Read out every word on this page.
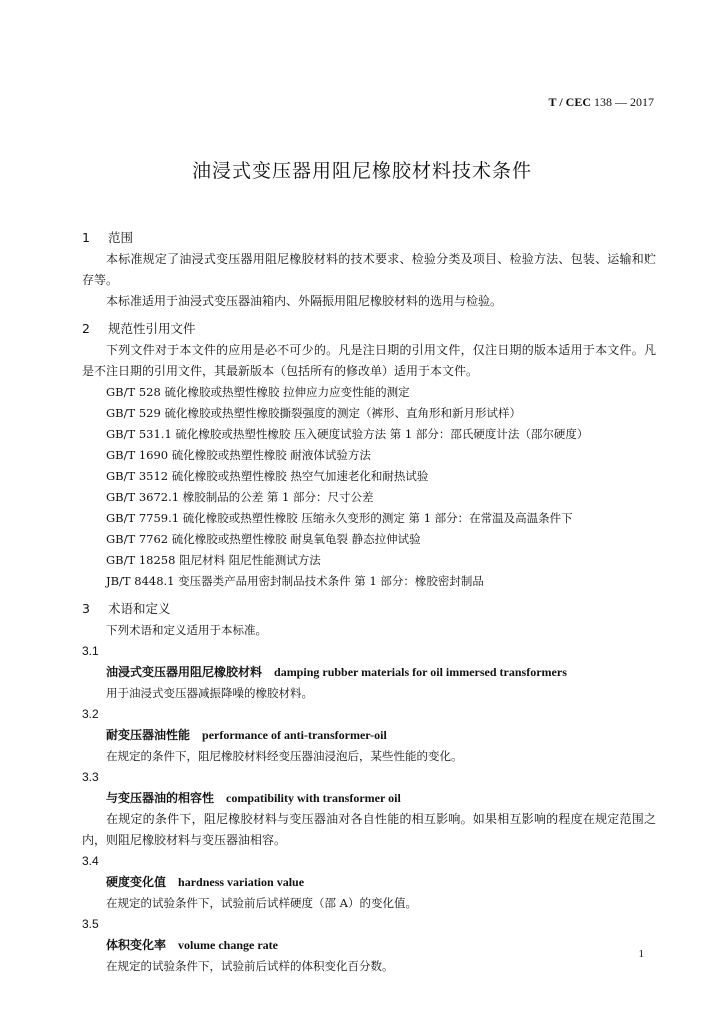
T / CEC 138 — 2017
油浸式变压器用阻尼橡胶材料技术条件
1 范围
本标准规定了油浸式变压器用阻尼橡胶材料的技术要求、检验分类及项目、检验方法、包装、运输和贮存等。
本标准适用于油浸式变压器油箱内、外隔振用阻尼橡胶材料的选用与检验。
2 规范性引用文件
下列文件对于本文件的应用是必不可少的。凡是注日期的引用文件，仅注日期的版本适用于本文件。凡是不注日期的引用文件，其最新版本（包括所有的修改单）适用于本文件。
GB/T 528 硫化橡胶或热塑性橡胶 拉伸应力应变性能的测定
GB/T 529 硫化橡胶或热塑性橡胶撕裂强度的测定（裤形、直角形和新月形试样）
GB/T 531.1 硫化橡胶或热塑性橡胶 压入硬度试验方法 第 1 部分：邵氏硬度计法（邵尔硬度）
GB/T 1690 硫化橡胶或热塑性橡胶 耐液体试验方法
GB/T 3512 硫化橡胶或热塑性橡胶 热空气加速老化和耐热试验
GB/T 3672.1 橡胶制品的公差 第 1 部分：尺寸公差
GB/T 7759.1 硫化橡胶或热塑性橡胶 压缩永久变形的测定 第 1 部分：在常温及高温条件下
GB/T 7762 硫化橡胶或热塑性橡胶 耐臭氧龟裂 静态拉伸试验
GB/T 18258 阻尼材料 阻尼性能测试方法
JB/T 8448.1 变压器类产品用密封制品技术条件 第 1 部分：橡胶密封制品
3 术语和定义
下列术语和定义适用于本标准。
3.1
油浸式变压器用阻尼橡胶材料 damping rubber materials for oil immersed transformers
用于油浸式变压器减振降噪的橡胶材料。
3.2
耐变压器油性能 performance of anti-transformer-oil
在规定的条件下，阻尼橡胶材料经变压器油浸泡后，某些性能的变化。
3.3
与变压器油的相容性 compatibility with transformer oil
在规定的条件下，阻尼橡胶材料与变压器油对各自性能的相互影响。如果相互影响的程度在规定范围之内，则阻尼橡胶材料与变压器油相容。
3.4
硬度变化值 hardness variation value
在规定的试验条件下，试验前后试样硬度（邵 A）的变化值。
3.5
体积变化率 volume change rate
在规定的试验条件下，试验前后试样的体积变化百分数。
1
